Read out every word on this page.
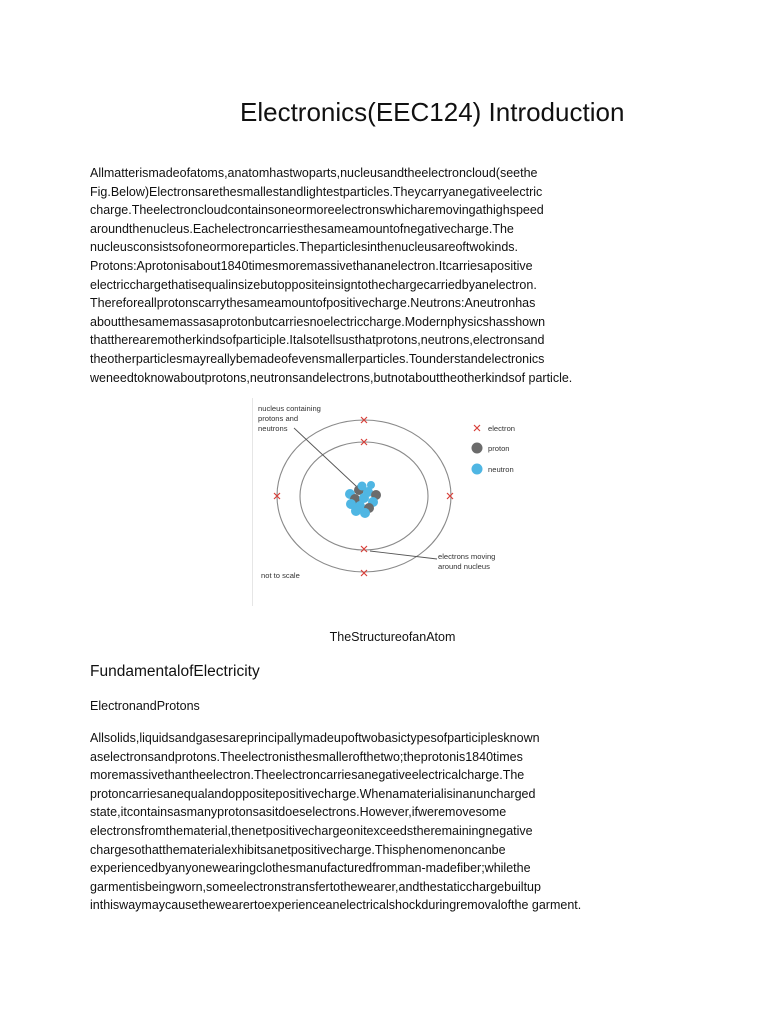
Electronics(EEC124) Introduction
Allmatterismadeofatoms,anatomhastwoparts,nucleusandtheelectroncloud(seethe
Fig.Below)Electronsarethesmallestandlightestparticles.Theycarryanegativeelectric
charge.Theelectroncloudcontainsoneormoreelectronswhicharemovingathighspeed
aroundthenucleus.Eachelectroncarriesthesameamountofnegativecharge.The
nucleusconsistsofoneormoreparticles.Theparticlesinthenucleusareoftwokinds.
Protons:Aprotonisabout1840timesmoremassivethananelectron.Itcarriesapositive
electricchargethatisequalinsizebutoppositeinsigntothechargecarriedbyanelectron.
Thereforeallprotonscarrythesameamountofpositivecharge.Neutrons:Aneutronhas
aboutthesamemassasaprotonbutcarriesnoelectriccharge.Modernphysicshasshown
thattherearemotherkindsofparticiple.Italsotellsusthatprotons,neutrons,electronsand
theotherparticlesmayreallybemadeofevensmallerparticles.Tounderstandelectronics
weneedtoknowaboutprotons,neutronsandelectrons,butnotabouttheotherkindsof particle.
nucleus containing
protons and
neutrons	electron
proton
neutron
electrons moving
around nucleus
not to scale
TheStructureofanAtom
FundamentalofElectricity
ElectronandProtons
Allsolids,liquidsandgasesareprincipallymadeupoftwobasictypesofparticiplesknown
aselectronsandprotons.Theelectronisthesmallerofthetwo;theprotonis1840times
moremassivethantheelectron.Theelectroncarriesanegativeelectricalcharge.The
protoncarriesanequalandoppositepositivecharge.Whenamaterialisinanuncharged
state,itcontainsasmanyprotonsasitdoeselectrons.However,ifweremovesome
electronsfromthematerial,thenetpositivechargeonitexceedstheremainingnegative
chargesothatthematerialexhibitsanetpositivecharge.Thisphenomenoncanbe
experiencedbyanyonewearingclothesmanufacturedfromman-madefiber;whilethe
garmentisbeingworn,someelectronstransfertothewearer,andthestaticchargebuiltup
inthiswaymaycausethewearertoexperienceanelectricalshockduringremovalofthe garment.
